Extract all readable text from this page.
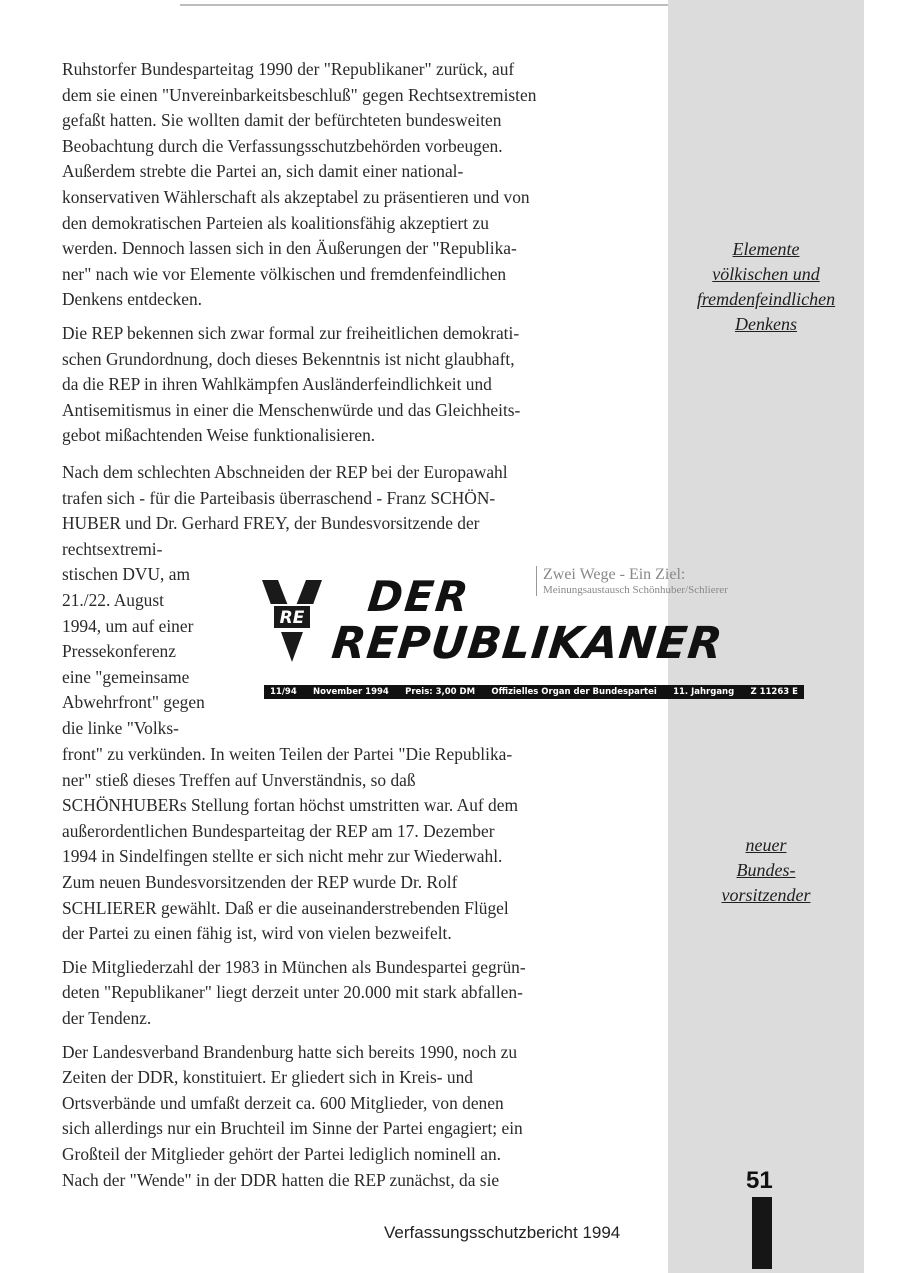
Elemente
völkischen und
fremdenfeindlichen
Denkens

neuer
Bundes-
vorsitzender

Ruhstorfer Bundesparteitag 1990 der "Republikaner" zurück, auf
dem sie einen "Unvereinbarkeitsbeschluß" gegen Rechtsextremisten
gefaßt hatten. Sie wollten damit der befürchteten bundesweiten
Beobachtung durch die Verfassungsschutzbehörden vorbeugen.
Außerdem strebte die Partei an, sich damit einer national-
konservativen Wählerschaft als akzeptabel zu präsentieren und von
den demokratischen Parteien als koalitionsfähig akzeptiert zu
werden. Dennoch lassen sich in den Äußerungen der "Republika-
ner" nach wie vor Elemente völkischen und fremdenfeindlichen
Denkens entdecken.

Die REP bekennen sich zwar formal zur freiheitlichen demokrati-
schen Grundordnung, doch dieses Bekenntnis ist nicht glaubhaft,
da die REP in ihren Wahlkämpfen Ausländerfeindlichkeit und
Antisemitismus in einer die Menschenwürde und das Gleichheits-
gebot mißachtenden Weise funktionalisieren.

Nach dem schlechten Abschneiden der REP bei der Europawahl
trafen sich - für die Parteibasis überraschend - Franz SCHÖN-
HUBER und Dr. Gerhard FREY, der Bundesvorsitzende der

rechtsextremi-
stischen DVU, am
21./22. August
1994, um auf einer
Pressekonferenz
eine "gemeinsame
Abwehrfront" gegen
die linke "Volks-

front" zu verkünden. In weiten Teilen der Partei "Die Republika-
ner" stieß dieses Treffen auf Unverständnis, so daß
SCHÖNHUBERs Stellung fortan höchst umstritten war. Auf dem
außerordentlichen Bundesparteitag der REP am 17. Dezember
1994 in Sindelfingen stellte er sich nicht mehr zur Wiederwahl.
Zum neuen Bundesvorsitzenden der REP wurde Dr. Rolf
SCHLIERER gewählt. Daß er die auseinanderstrebenden Flügel
der Partei zu einen fähig ist, wird von vielen bezweifelt.

Die Mitgliederzahl der 1983 in München als Bundespartei gegrün-
deten "Republikaner" liegt derzeit unter 20.000 mit stark abfallen-
der Tendenz.

Der Landesverband Brandenburg hatte sich bereits 1990, noch zu
Zeiten der DDR, konstituiert. Er gliedert sich in Kreis- und
Ortsverbände und umfaßt derzeit ca. 600 Mitglieder, von denen
sich allerdings nur ein Bruchteil im Sinne der Partei engagiert; ein
Großteil der Mitglieder gehört der Partei lediglich nominell an.
Nach der "Wende" in der DDR hatten die REP zunächst, da sie

RE DER
REPUBLIKANER
Zwei Wege - Ein Ziel:
Meinungsaustausch Schönhuber/Schlierer
11/94 November 1994 Preis: 3,00 DM Offizielles Organ der Bundespartei 11. Jahrgang Z 11263 E
51
Verfassungsschutzbericht 1994
